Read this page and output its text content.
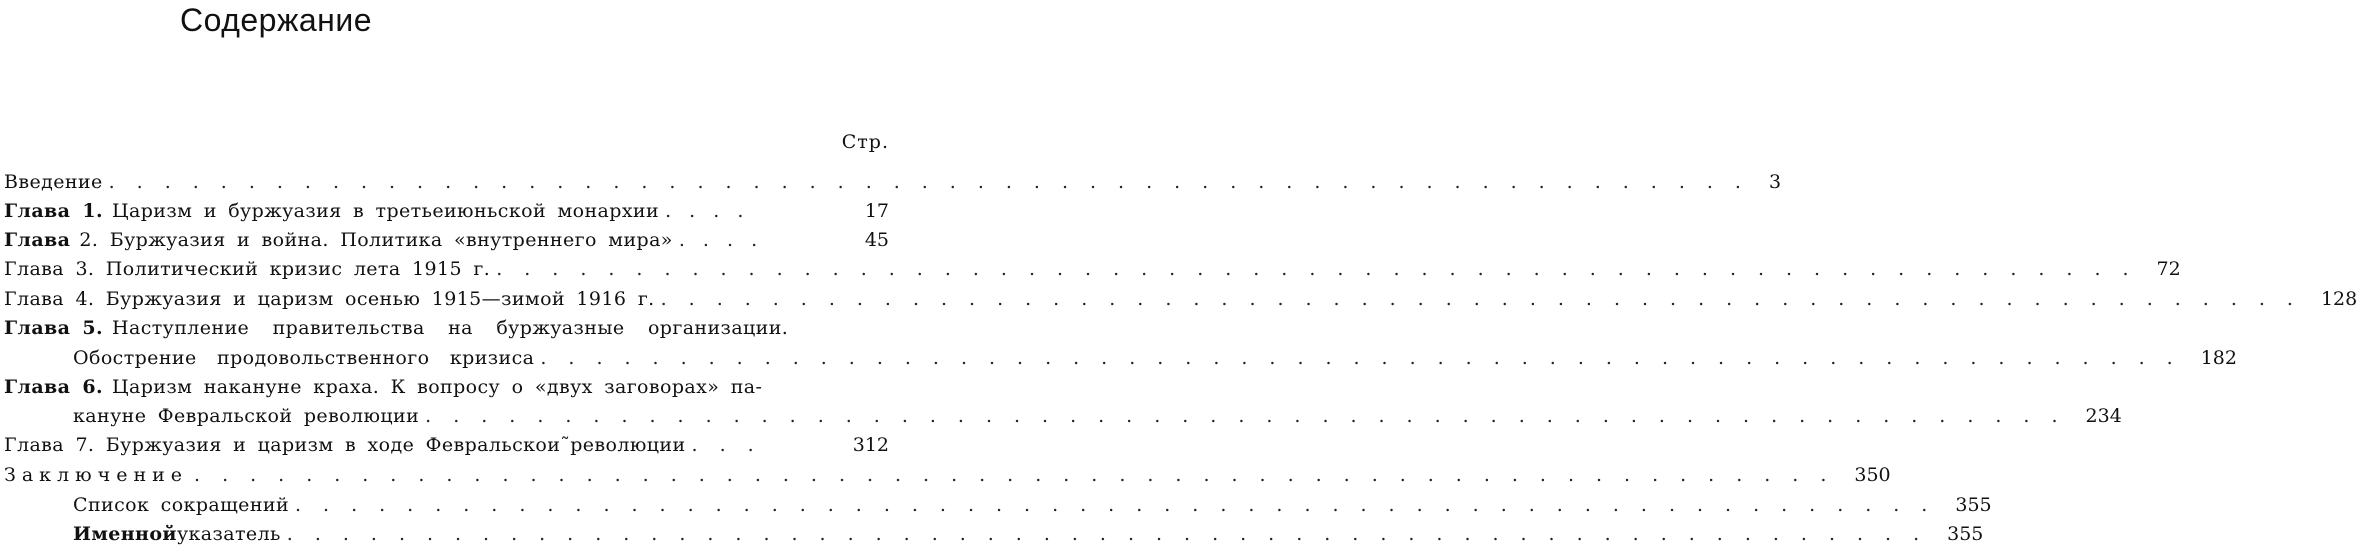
Содержание
Стр.
Введение ........................................................... 3
Глава 1. Царизм и буржуазия в третьеиюньской монархии . . . .	17
Глава 2. Буржуазия и война. Политика «внутреннего мира» . . . .	45
Глава 3. Политический кризис лета 1915 г. ........................................................... 72
Глава 4. Буржуазия и царизм осенью 1915—зимой 1916 г. ........................................................... 128
Глава 5. Наступление правительства на буржуазные организации.
Обострение продовольственного кризиса ........................................................... 182
Глава 6. Царизм накануне краха. К вопросу о «двух заговорах» па-
кануне Февральской революции ........................................................... 234
Глава 7. Буржуазия и царизм в ходе Февральскои˜революции . . .	312
Заключение ........................................................... 350
Список сокращений ........................................................... 355
Именной указатель ........................................................... 355
